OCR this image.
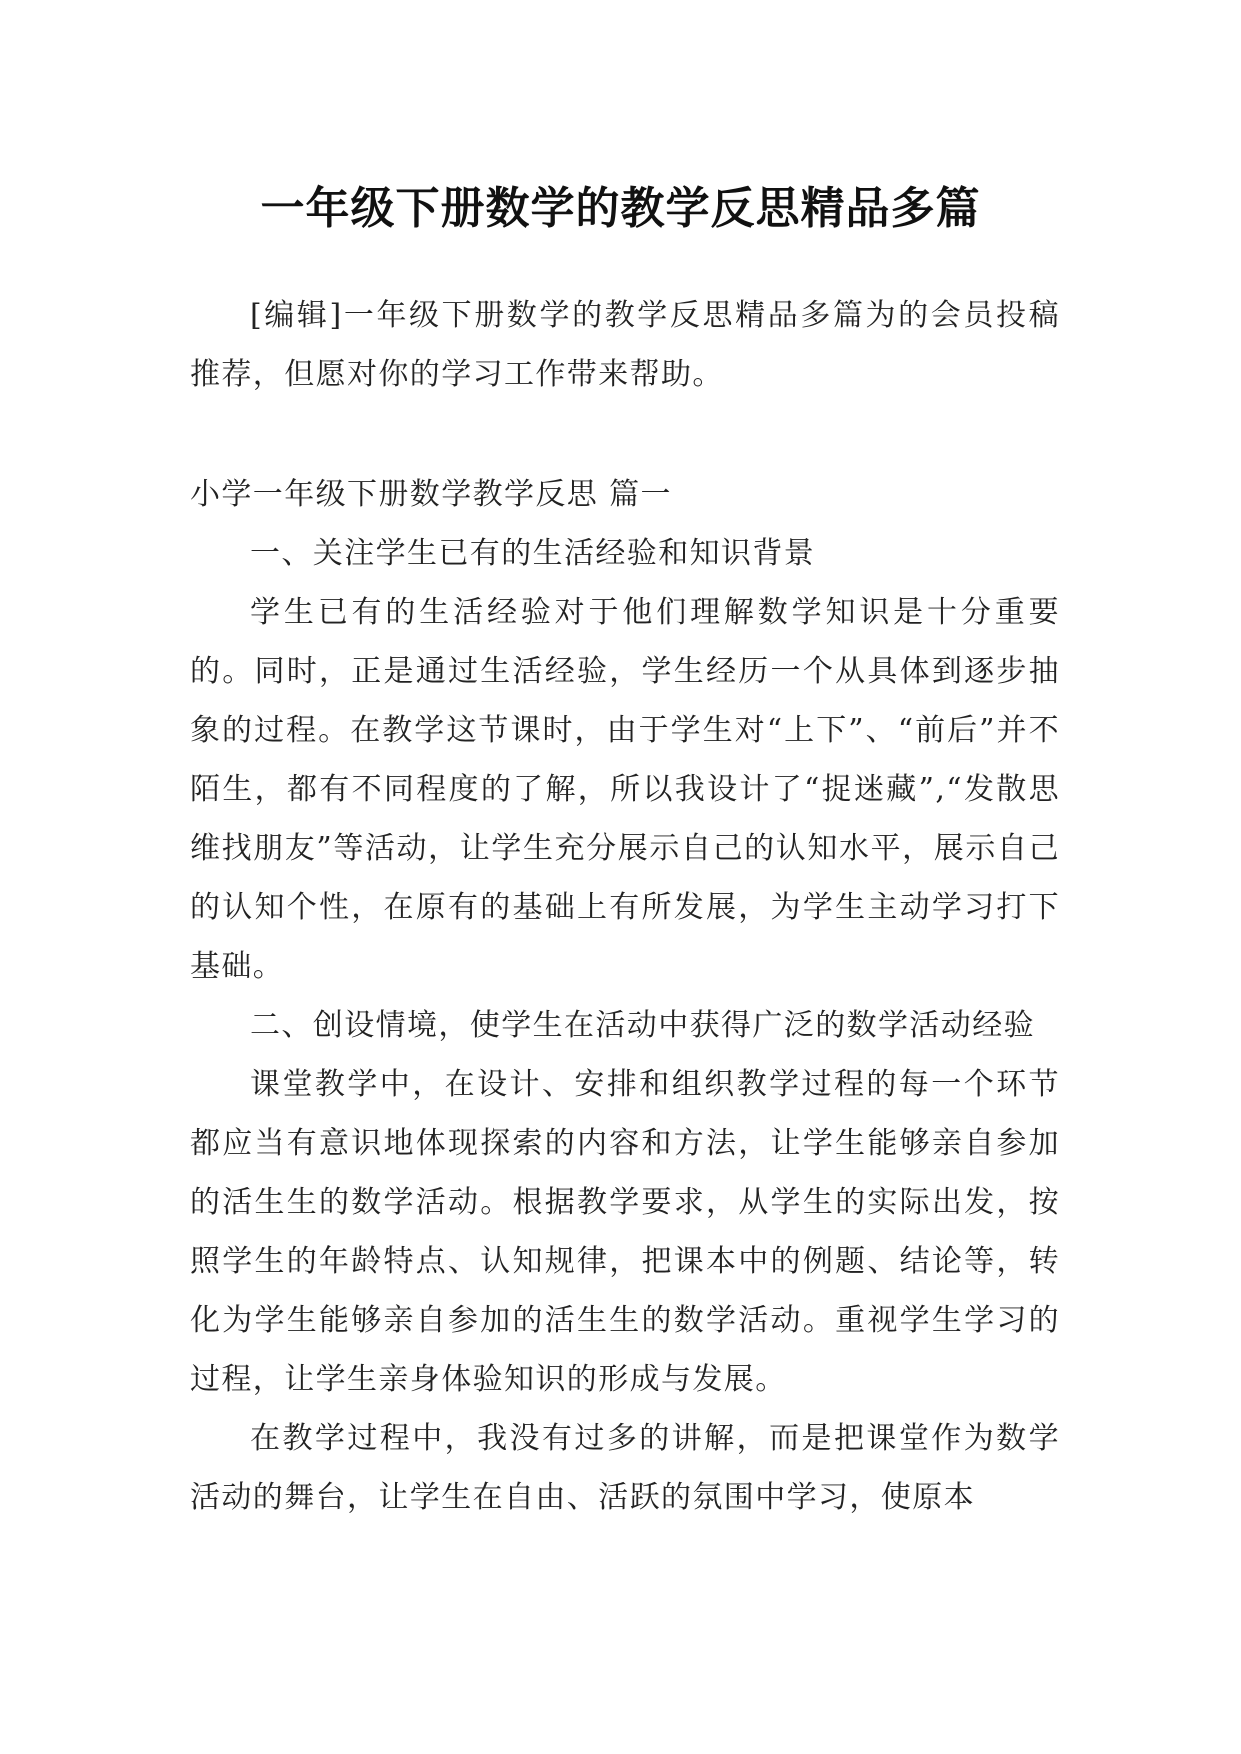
一年级下册数学的教学反思精品多篇

[编辑]一年级下册数学的教学反思精品多篇为的会员投稿推荐，但愿对你的学习工作带来帮助。

小学一年级下册数学教学反思 篇一

一、关注学生已有的生活经验和知识背景

学生已有的生活经验对于他们理解数学知识是十分重要的。同时，正是通过生活经验，学生经历一个从具体到逐步抽象的过程。在教学这节课时，由于学生对“上下”、“前后”并不陌生，都有不同程度的了解，所以我设计了“捉迷藏”,“发散思维找朋友”等活动，让学生充分展示自己的认知水平，展示自己的认知个性，在原有的基础上有所发展，为学生主动学习打下基础。

二、创设情境，使学生在活动中获得广泛的数学活动经验

课堂教学中，在设计、安排和组织教学过程的每一个环节都应当有意识地体现探索的内容和方法，让学生能够亲自参加的活生生的数学活动。根据教学要求，从学生的实际出发，按照学生的年龄特点、认知规律，把课本中的例题、结论等，转化为学生能够亲自参加的活生生的数学活动。重视学生学习的过程，让学生亲身体验知识的形成与发展。

在教学过程中，我没有过多的讲解，而是把课堂作为数学活动的舞台，让学生在自由、活跃的氛围中学习，使原本
